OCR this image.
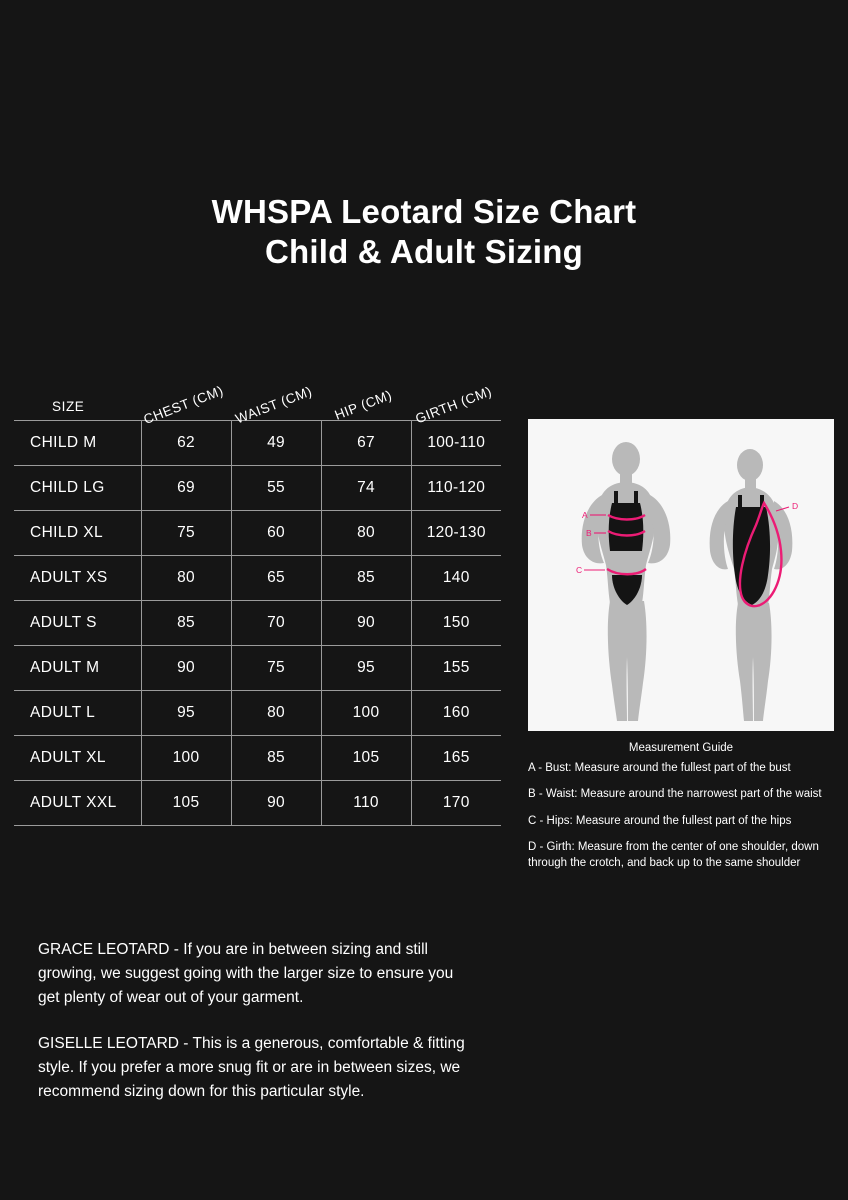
WHSPA Leotard Size Chart
Child & Adult Sizing
SIZE	CHEST (CM)	WAIST (CM)	HIP (CM)	GIRTH (CM)
CHILD M	62	49	67	100-110
CHILD LG	69	55	74	110-120
CHILD XL	75	60	80	120-130
ADULT XS	80	65	85	140
ADULT S	85	70	90	150
ADULT M	90	75	95	155
ADULT L	95	80	100	160
ADULT XL	100	85	105	165
ADULT XXL	105	90	110	170
A
B
C
D
Measurement Guide
A - Bust: Measure around the fullest part of the bust
B - Waist: Measure around the narrowest part of the waist
C - Hips: Measure around the fullest part of the hips
D - Girth: Measure from the center of one shoulder, down through the crotch, and back up to the same shoulder
GRACE LEOTARD - If you are in between sizing and still growing, we suggest going with the larger size to ensure you get plenty of wear out of your garment.
GISELLE LEOTARD - This is a generous, comfortable & fitting style. If you prefer a more snug fit or are in between sizes, we recommend sizing down for this particular style.
